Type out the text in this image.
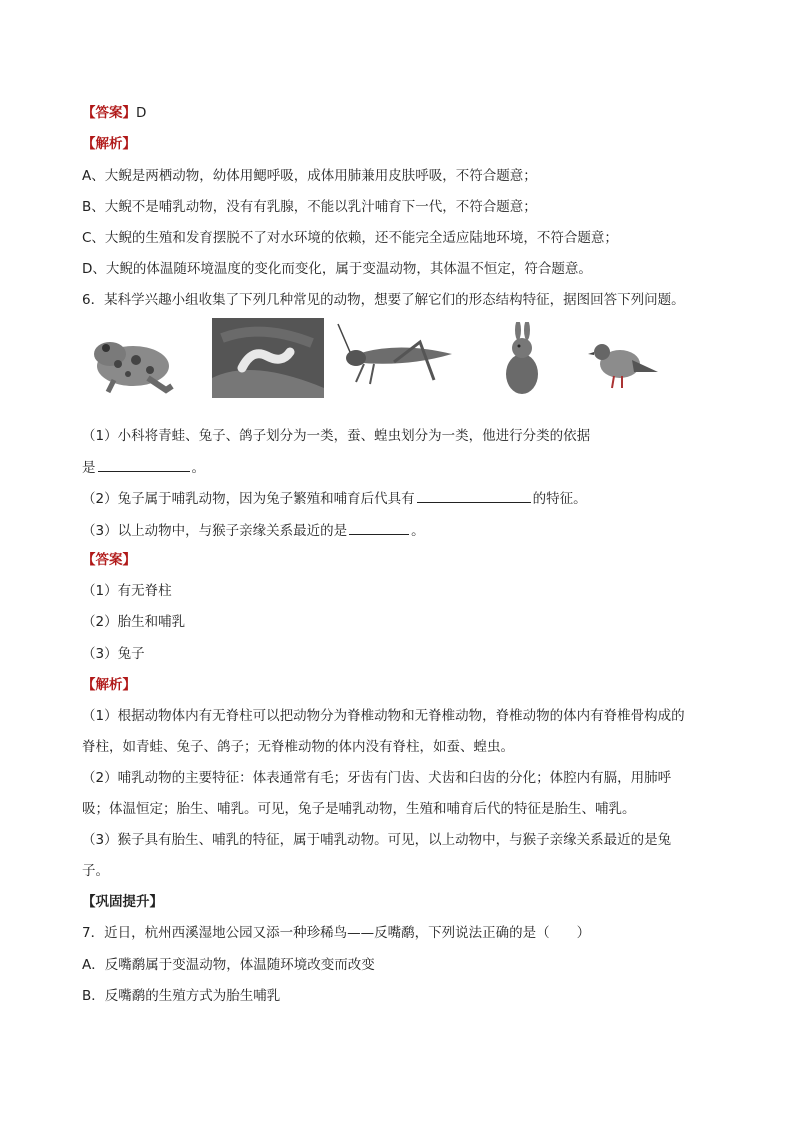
【答案】D
【解析】
A、大鲵是两栖动物，幼体用鳃呼吸，成体用肺兼用皮肤呼吸，不符合题意；
B、大鲵不是哺乳动物，没有有乳腺，不能以乳汁哺育下一代，不符合题意；
C、大鲵的生殖和发育摆脱不了对水环境的依赖，还不能完全适应陆地环境，不符合题意；
D、大鲵的体温随环境温度的变化而变化，属于变温动物，其体温不恒定，符合题意。
6．某科学兴趣小组收集了下列几种常见的动物，想要了解它们的形态结构特征，据图回答下列问题。
（1）小科将青蛙、兔子、鸽子划分为一类，蚕、蝗虫划分为一类，他进行分类的依据
是	。
（2）兔子属于哺乳动物，因为兔子繁殖和哺育后代具有	的特征。
（3）以上动物中，与猴子亲缘关系最近的是	。
【答案】
（1）有无脊柱
（2）胎生和哺乳
（3）兔子
【解析】
（1）根据动物体内有无脊柱可以把动物分为脊椎动物和无脊椎动物，脊椎动物的体内有脊椎骨构成的
脊柱，如青蛙、兔子、鸽子；无脊椎动物的体内没有脊柱，如蚕、蝗虫。
（2）哺乳动物的主要特征：体表通常有毛；牙齿有门齿、犬齿和臼齿的分化；体腔内有膈，用肺呼
吸；体温恒定；胎生、哺乳。可见，兔子是哺乳动物，生殖和哺育后代的特征是胎生、哺乳。
（3）猴子具有胎生、哺乳的特征，属于哺乳动物。可见，以上动物中，与猴子亲缘关系最近的是兔
子。
【巩固提升】
7．近日，杭州西溪湿地公园又添一种珍稀鸟——反嘴鹬，下列说法正确的是（　　）
A．反嘴鹬属于变温动物，体温随环境改变而改变
B．反嘴鹬的生殖方式为胎生哺乳
